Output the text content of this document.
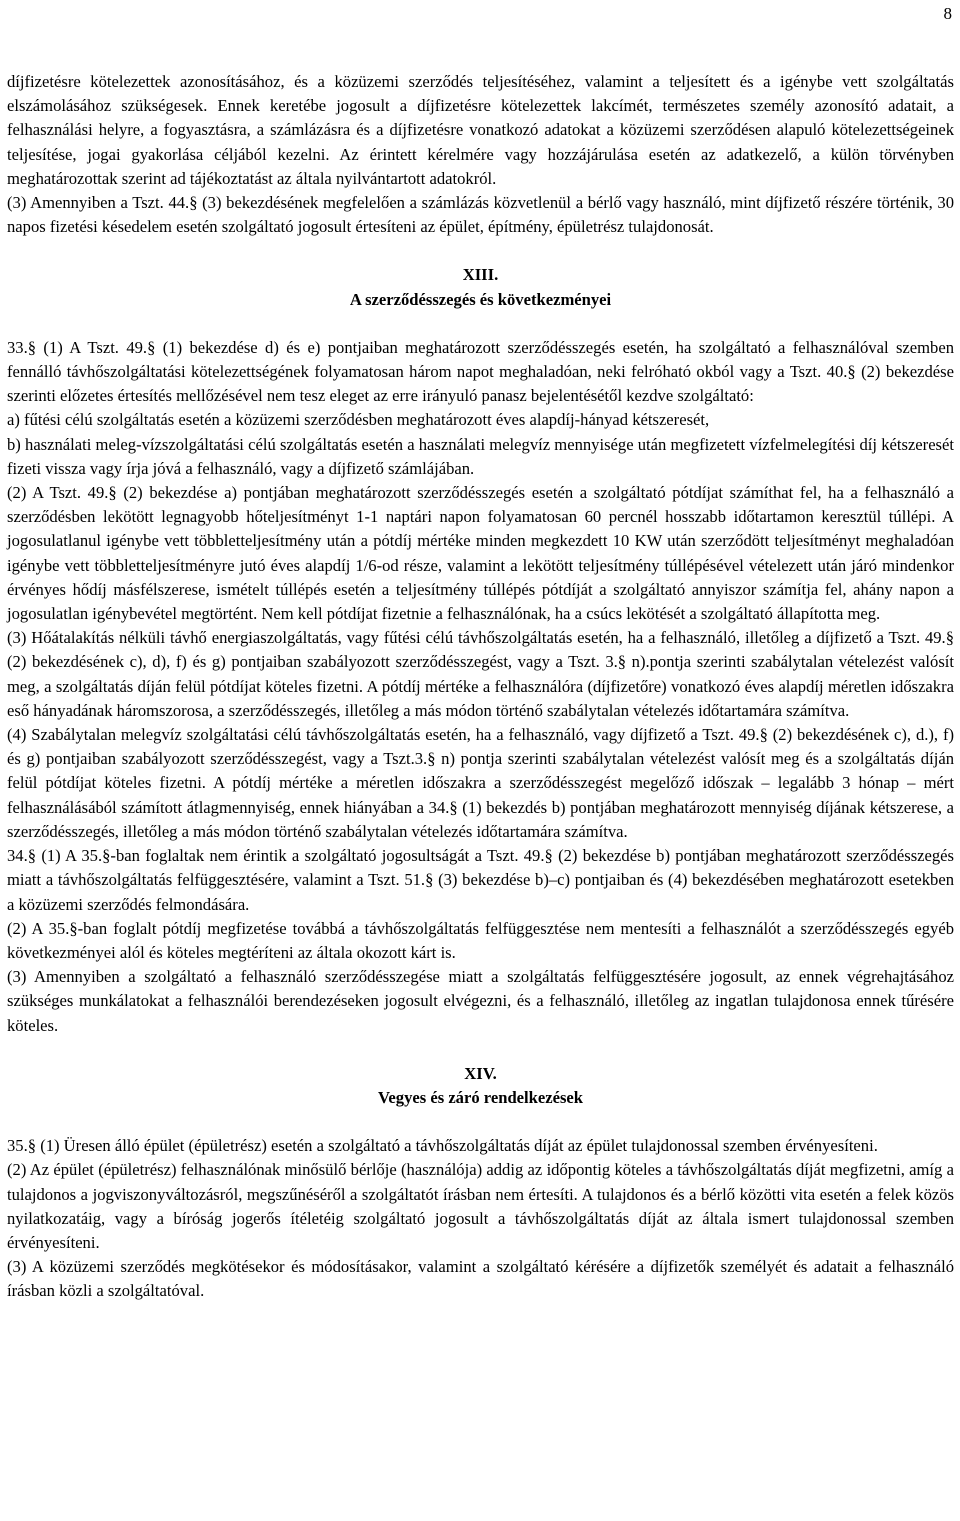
8

díjfizetésre kötelezettek azonosításához, és a közüzemi szerződés teljesítéséhez, valamint a teljesített és a igénybe vett szolgáltatás elszámolásához szükségesek. Ennek keretébe jogosult a díjfizetésre kötelezettek lakcímét, természetes személy azonosító adatait, a felhasználási helyre, a fogyasztásra, a számlázásra és a díjfizetésre vonatkozó adatokat a közüzemi szerződésen alapuló kötelezettségeinek teljesítése, jogai gyakorlása céljából kezelni. Az érintett kérelmére vagy hozzájárulása esetén az adatkezelő, a külön törvényben meghatározottak szerint ad tájékoztatást az általa nyilvántartott adatokról.

(3) Amennyiben a Tszt. 44.§ (3) bekezdésének megfelelően a számlázás közvetlenül a bérlő vagy használó, mint díjfizető részére történik, 30 napos fizetési késedelem esetén szolgáltató jogosult értesíteni az épület, építmény, épületrész tulajdonosát.

XIII.

A szerződésszegés és következményei

33.§ (1) A Tszt. 49.§ (1) bekezdése d) és e) pontjaiban meghatározott szerződésszegés esetén, ha szolgáltató a felhasználóval szemben fennálló távhőszolgáltatási kötelezettségének folyamatosan három napot meghaladóan, neki felróható okból vagy a Tszt. 40.§ (2) bekezdése szerinti előzetes értesítés mellőzésével nem tesz eleget az erre irányuló panasz bejelentésétől kezdve szolgáltató:

a) fűtési célú szolgáltatás esetén a közüzemi szerződésben meghatározott éves alapdíj-hányad kétszeresét,

b) használati meleg-vízszolgáltatási célú szolgáltatás esetén a használati melegvíz mennyisége után megfizetett vízfelmelegítési díj kétszeresét fizeti vissza vagy írja jóvá a felhasználó, vagy a díjfizető számlájában.

(2) A Tszt. 49.§ (2) bekezdése a) pontjában meghatározott szerződésszegés esetén a szolgáltató pótdíjat számíthat fel, ha a felhasználó a szerződésben lekötött legnagyobb hőteljesítményt 1-1 naptári napon folyamatosan 60 percnél hosszabb időtartamon keresztül túllépi. A jogosulatlanul igénybe vett többletteljesítmény után a pótdíj mértéke minden megkezdett 10 KW után szerződött teljesítményt meghaladóan igénybe vett többletteljesítményre jutó éves alapdíj 1/6-od része, valamint a lekötött teljesítmény túllépésével vételezett után járó mindenkor érvényes hődíj másfélszerese, ismételt túllépés esetén a teljesítmény túllépés pótdíját a szolgáltató annyiszor számítja fel, ahány napon a jogosulatlan igénybevétel megtörtént. Nem kell pótdíjat fizetnie a felhasználónak, ha a csúcs lekötését a szolgáltató állapította meg.

(3) Hőátalakítás nélküli távhő energiaszolgáltatás, vagy fűtési célú távhőszolgáltatás esetén, ha a felhasználó, illetőleg a díjfizető a Tszt. 49.§ (2) bekezdésének c), d), f) és g) pontjaiban szabályozott szerződésszegést, vagy a Tszt. 3.§ n).pontja szerinti szabálytalan vételezést valósít meg, a szolgáltatás díján felül pótdíjat köteles fizetni. A pótdíj mértéke a felhasználóra (díjfizetőre) vonatkozó éves alapdíj méretlen időszakra eső hányadának háromszorosa, a szerződésszegés, illetőleg a más módon történő szabálytalan vételezés időtartamára számítva.

(4) Szabálytalan melegvíz szolgáltatási célú távhőszolgáltatás esetén, ha a felhasználó, vagy díjfizető a Tszt. 49.§ (2) bekezdésének c), d.), f) és g) pontjaiban szabályozott szerződésszegést, vagy a Tszt.3.§ n) pontja szerinti szabálytalan vételezést valósít meg és a szolgáltatás díján felül pótdíjat köteles fizetni. A pótdíj mértéke a méretlen időszakra a szerződésszegést megelőző időszak – legalább 3 hónap – mért felhasználásából számított átlagmennyiség, ennek hiányában a 34.§ (1) bekezdés b) pontjában meghatározott mennyiség díjának kétszerese, a szerződésszegés, illetőleg a más módon történő szabálytalan vételezés időtartamára számítva.

34.§ (1) A 35.§-ban foglaltak nem érintik a szolgáltató jogosultságát a Tszt. 49.§ (2) bekezdése b) pontjában meghatározott szerződésszegés miatt a távhőszolgáltatás felfüggesztésére, valamint a Tszt. 51.§ (3) bekezdése b)–c) pontjaiban és (4) bekezdésében meghatározott esetekben a közüzemi szerződés felmondására.

(2) A 35.§-ban foglalt pótdíj megfizetése továbbá a távhőszolgáltatás felfüggesztése nem mentesíti a felhasználót a szerződésszegés egyéb következményei alól és köteles megtéríteni az általa okozott kárt is.

(3) Amennyiben a szolgáltató a felhasználó szerződésszegése miatt a szolgáltatás felfüggesztésére jogosult, az ennek végrehajtásához szükséges munkálatokat a felhasználói berendezéseken jogosult elvégezni, és a felhasználó, illetőleg az ingatlan tulajdonosa ennek tűrésére köteles.

XIV.

Vegyes és záró rendelkezések

35.§ (1) Üresen álló épület (épületrész) esetén a szolgáltató a távhőszolgáltatás díját az épület tulajdonossal szemben érvényesíteni.

(2) Az épület (épületrész) felhasználónak minősülő bérlője (használója) addig az időpontig köteles a távhőszolgáltatás díját megfizetni, amíg a tulajdonos a jogviszonyváltozásról, megszűnéséről a szolgáltatót írásban nem értesíti. A tulajdonos és a bérlő közötti vita esetén a felek közös nyilatkozatáig, vagy a bíróság jogerős ítéletéig szolgáltató jogosult a távhőszolgáltatás díját az általa ismert tulajdonossal szemben érvényesíteni.

(3) A közüzemi szerződés megkötésekor és módosításakor, valamint a szolgáltató kérésére a díjfizetők személyét és adatait a felhasználó írásban közli a szolgáltatóval.
